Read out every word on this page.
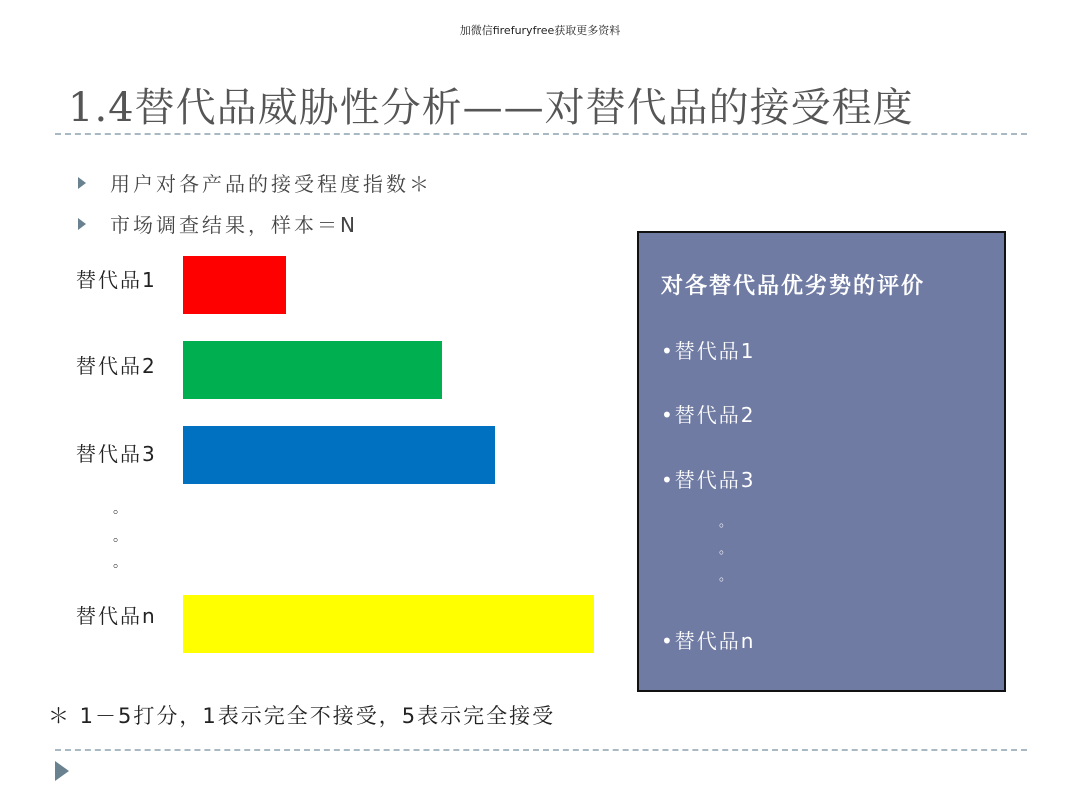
加微信firefuryfree获取更多资料
1.4替代品威胁性分析——对替代品的接受程度
用户对各产品的接受程度指数＊
市场调查结果，样本＝N
替代品1
替代品2
替代品3
。
。
。
替代品n
＊ 1－5打分，1表示完全不接受，5表示完全接受
对各替代品优劣势的评价
•替代品1
•替代品2
•替代品3
。
。
。
•替代品n
